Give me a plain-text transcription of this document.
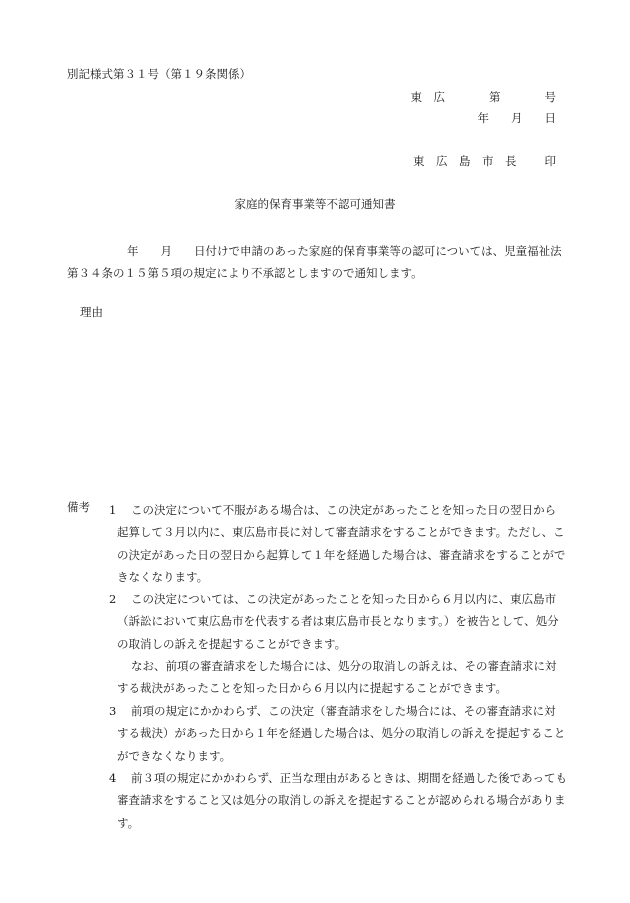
別記様式第３１号（第１９条関係）
東　広	第	号
年 月 日
東　広　島　市　長 印
家庭的保育事業等不認可通知書
年 月 日付けで申請のあった家庭的保育事業等の認可については、児童福祉法第３４条の１５第５項の規定により不承認としますので通知します。
理由
備考 1	この決定について不服がある場合は、この決定があったことを知った日の翌日から起算して３月以内に、東広島市長に対して審査請求をすることができます。ただし、この決定があった日の翌日から起算して１年を経過した場合は、審査請求をすることができなくなります。
2	この決定については、この決定があったことを知った日から６月以内に、東広島市（訴訟において東広島市を代表する者は東広島市長となります。）を被告として、処分の取消しの訴えを提起することができます。
なお、前項の審査請求をした場合には、処分の取消しの訴えは、その審査請求に対する裁決があったことを知った日から６月以内に提起することができます。
3	前項の規定にかかわらず、この決定（審査請求をした場合には、その審査請求に対する裁決）があった日から１年を経過した場合は、処分の取消しの訴えを提起することができなくなります。
4	前３項の規定にかかわらず、正当な理由があるときは、期間を経過した後であっても審査請求をすること又は処分の取消しの訴えを提起することが認められる場合があります。
